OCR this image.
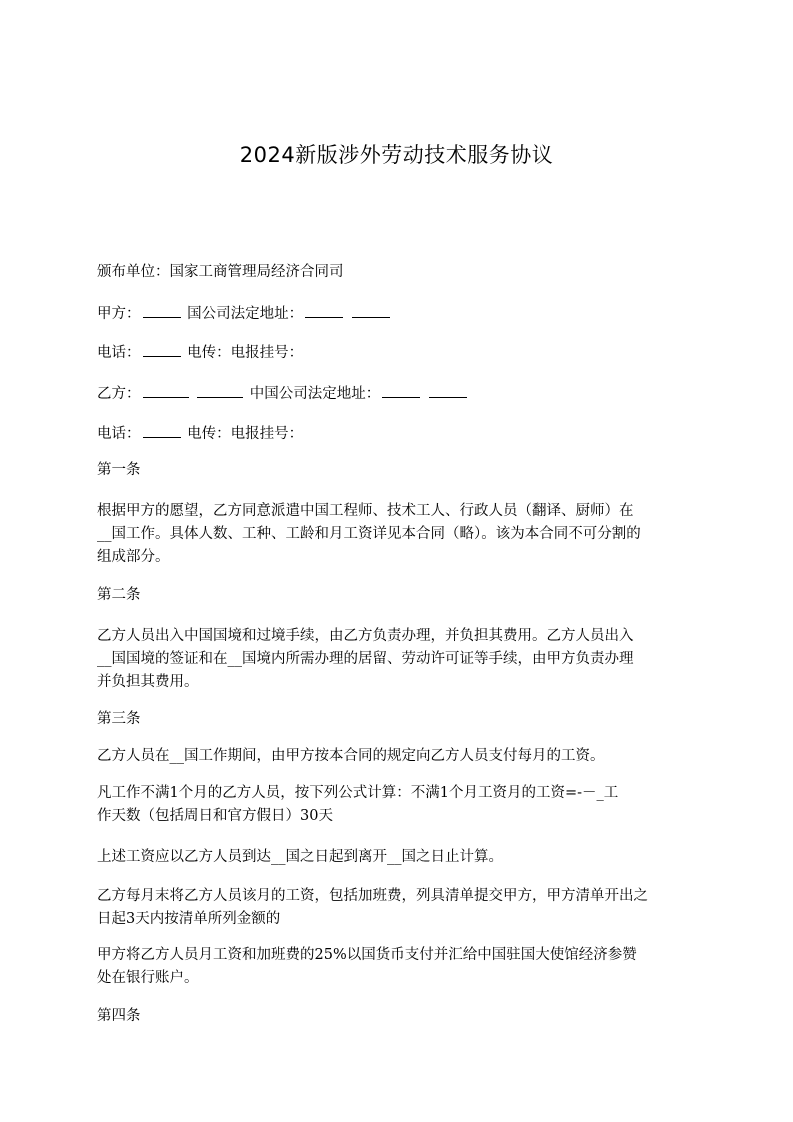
2024新版涉外劳动技术服务协议
颁布单位：国家工商管理局经济合同司
甲方：	国公司法定地址：
电话：	电传：电报挂号：
乙方：	中国公司法定地址：
电话：	电传：电报挂号：
第一条
根据甲方的愿望，乙方同意派遣中国工程师、技术工人、行政人员（翻译、厨师）在
__国工作。具体人数、工种、工龄和月工资详见本合同（略）。该为本合同不可分割的
组成部分。
第二条
乙方人员出入中国国境和过境手续，由乙方负责办理，并负担其费用。乙方人员出入
__国国境的签证和在__国境内所需办理的居留、劳动许可证等手续，由甲方负责办理
并负担其费用。
第三条
乙方人员在__国工作期间，由甲方按本合同的规定向乙方人员支付每月的工资。
凡工作不满1个月的乙方人员，按下列公式计算：不满1个月工资月的工资=-－_工
作天数（包括周日和官方假日）30天
上述工资应以乙方人员到达__国之日起到离开__国之日止计算。
乙方每月末将乙方人员该月的工资，包括加班费，列具清单提交甲方，甲方清单开出之
日起3天内按清单所列金额的
甲方将乙方人员月工资和加班费的25%以国货币支付并汇给中国驻国大使馆经济参赞
处在银行账户。
第四条
